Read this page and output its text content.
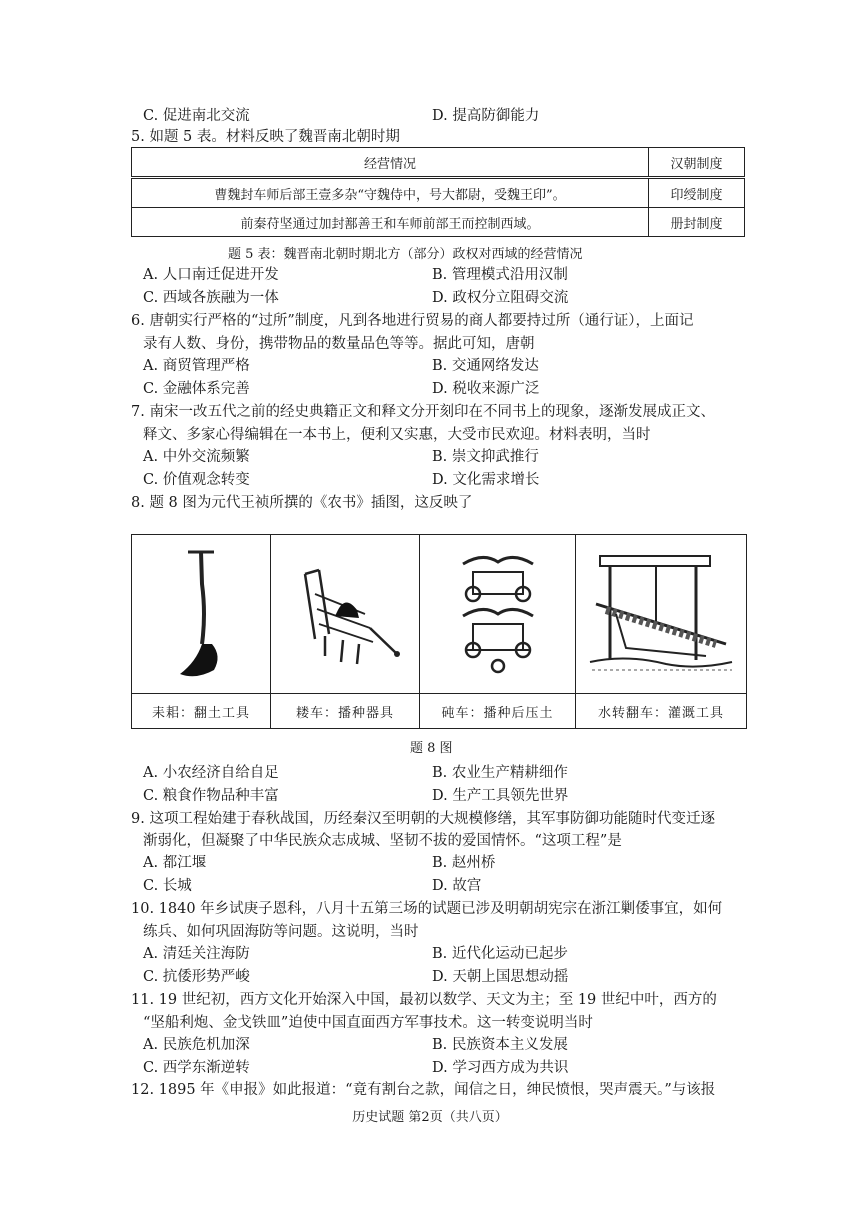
C. 促进南北交流	D. 提高防御能力
5. 如题 5 表。材料反映了魏晋南北朝时期
经营情况	汉朝制度
曹魏封车师后部王壹多杂“守魏侍中，号大都尉，受魏王印”。	印绶制度
前秦苻坚通过加封鄯善王和车师前部王而控制西域。	册封制度
题 5 表：魏晋南北朝时期北方（部分）政权对西域的经营情况
A. 人口南迁促进开发	B. 管理模式沿用汉制
C. 西域各族融为一体	D. 政权分立阻碍交流
6. 唐朝实行严格的“过所”制度，凡到各地进行贸易的商人都要持过所（通行证），上面记
录有人数、身份，携带物品的数量品色等等。据此可知，唐朝
A. 商贸管理严格	B. 交通网络发达
C. 金融体系完善	D. 税收来源广泛
7. 南宋一改五代之前的经史典籍正文和释文分开刻印在不同书上的现象，逐渐发展成正文、
释文、多家心得编辑在一本书上，便利又实惠，大受市民欢迎。材料表明，当时
A. 中外交流频繁	B. 崇文抑武推行
C. 价值观念转变	D. 文化需求增长
8. 题 8 图为元代王祯所撰的《农书》插图，这反映了
耒耜：翻土工具	耧车：播种器具	砘车：播种后压土	水转翻车：灌溉工具
题 8 图
A. 小农经济自给自足	B. 农业生产精耕细作
C. 粮食作物品种丰富	D. 生产工具领先世界
9. 这项工程始建于春秋战国，历经秦汉至明朝的大规模修缮，其军事防御功能随时代变迁逐
渐弱化，但凝聚了中华民族众志成城、坚韧不拔的爱国情怀。“这项工程”是
A. 都江堰	B. 赵州桥
C. 长城	D. 故宫
10. 1840 年乡试庚子恩科，八月十五第三场的试题已涉及明朝胡宪宗在浙江剿倭事宜，如何
练兵、如何巩固海防等问题。这说明，当时
A. 清廷关注海防	B. 近代化运动已起步
C. 抗倭形势严峻	D. 天朝上国思想动摇
11. 19 世纪初，西方文化开始深入中国，最初以数学、天文为主；至 19 世纪中叶，西方的
“坚船利炮、金戈铁皿”迫使中国直面西方军事技术。这一转变说明当时
A. 民族危机加深	B. 民族资本主义发展
C. 西学东渐逆转	D. 学习西方成为共识
12. 1895 年《申报》如此报道：“竟有割台之款，闻信之日，绅民愤恨，哭声震天。”与该报
历史试题 第2页（共八页）
